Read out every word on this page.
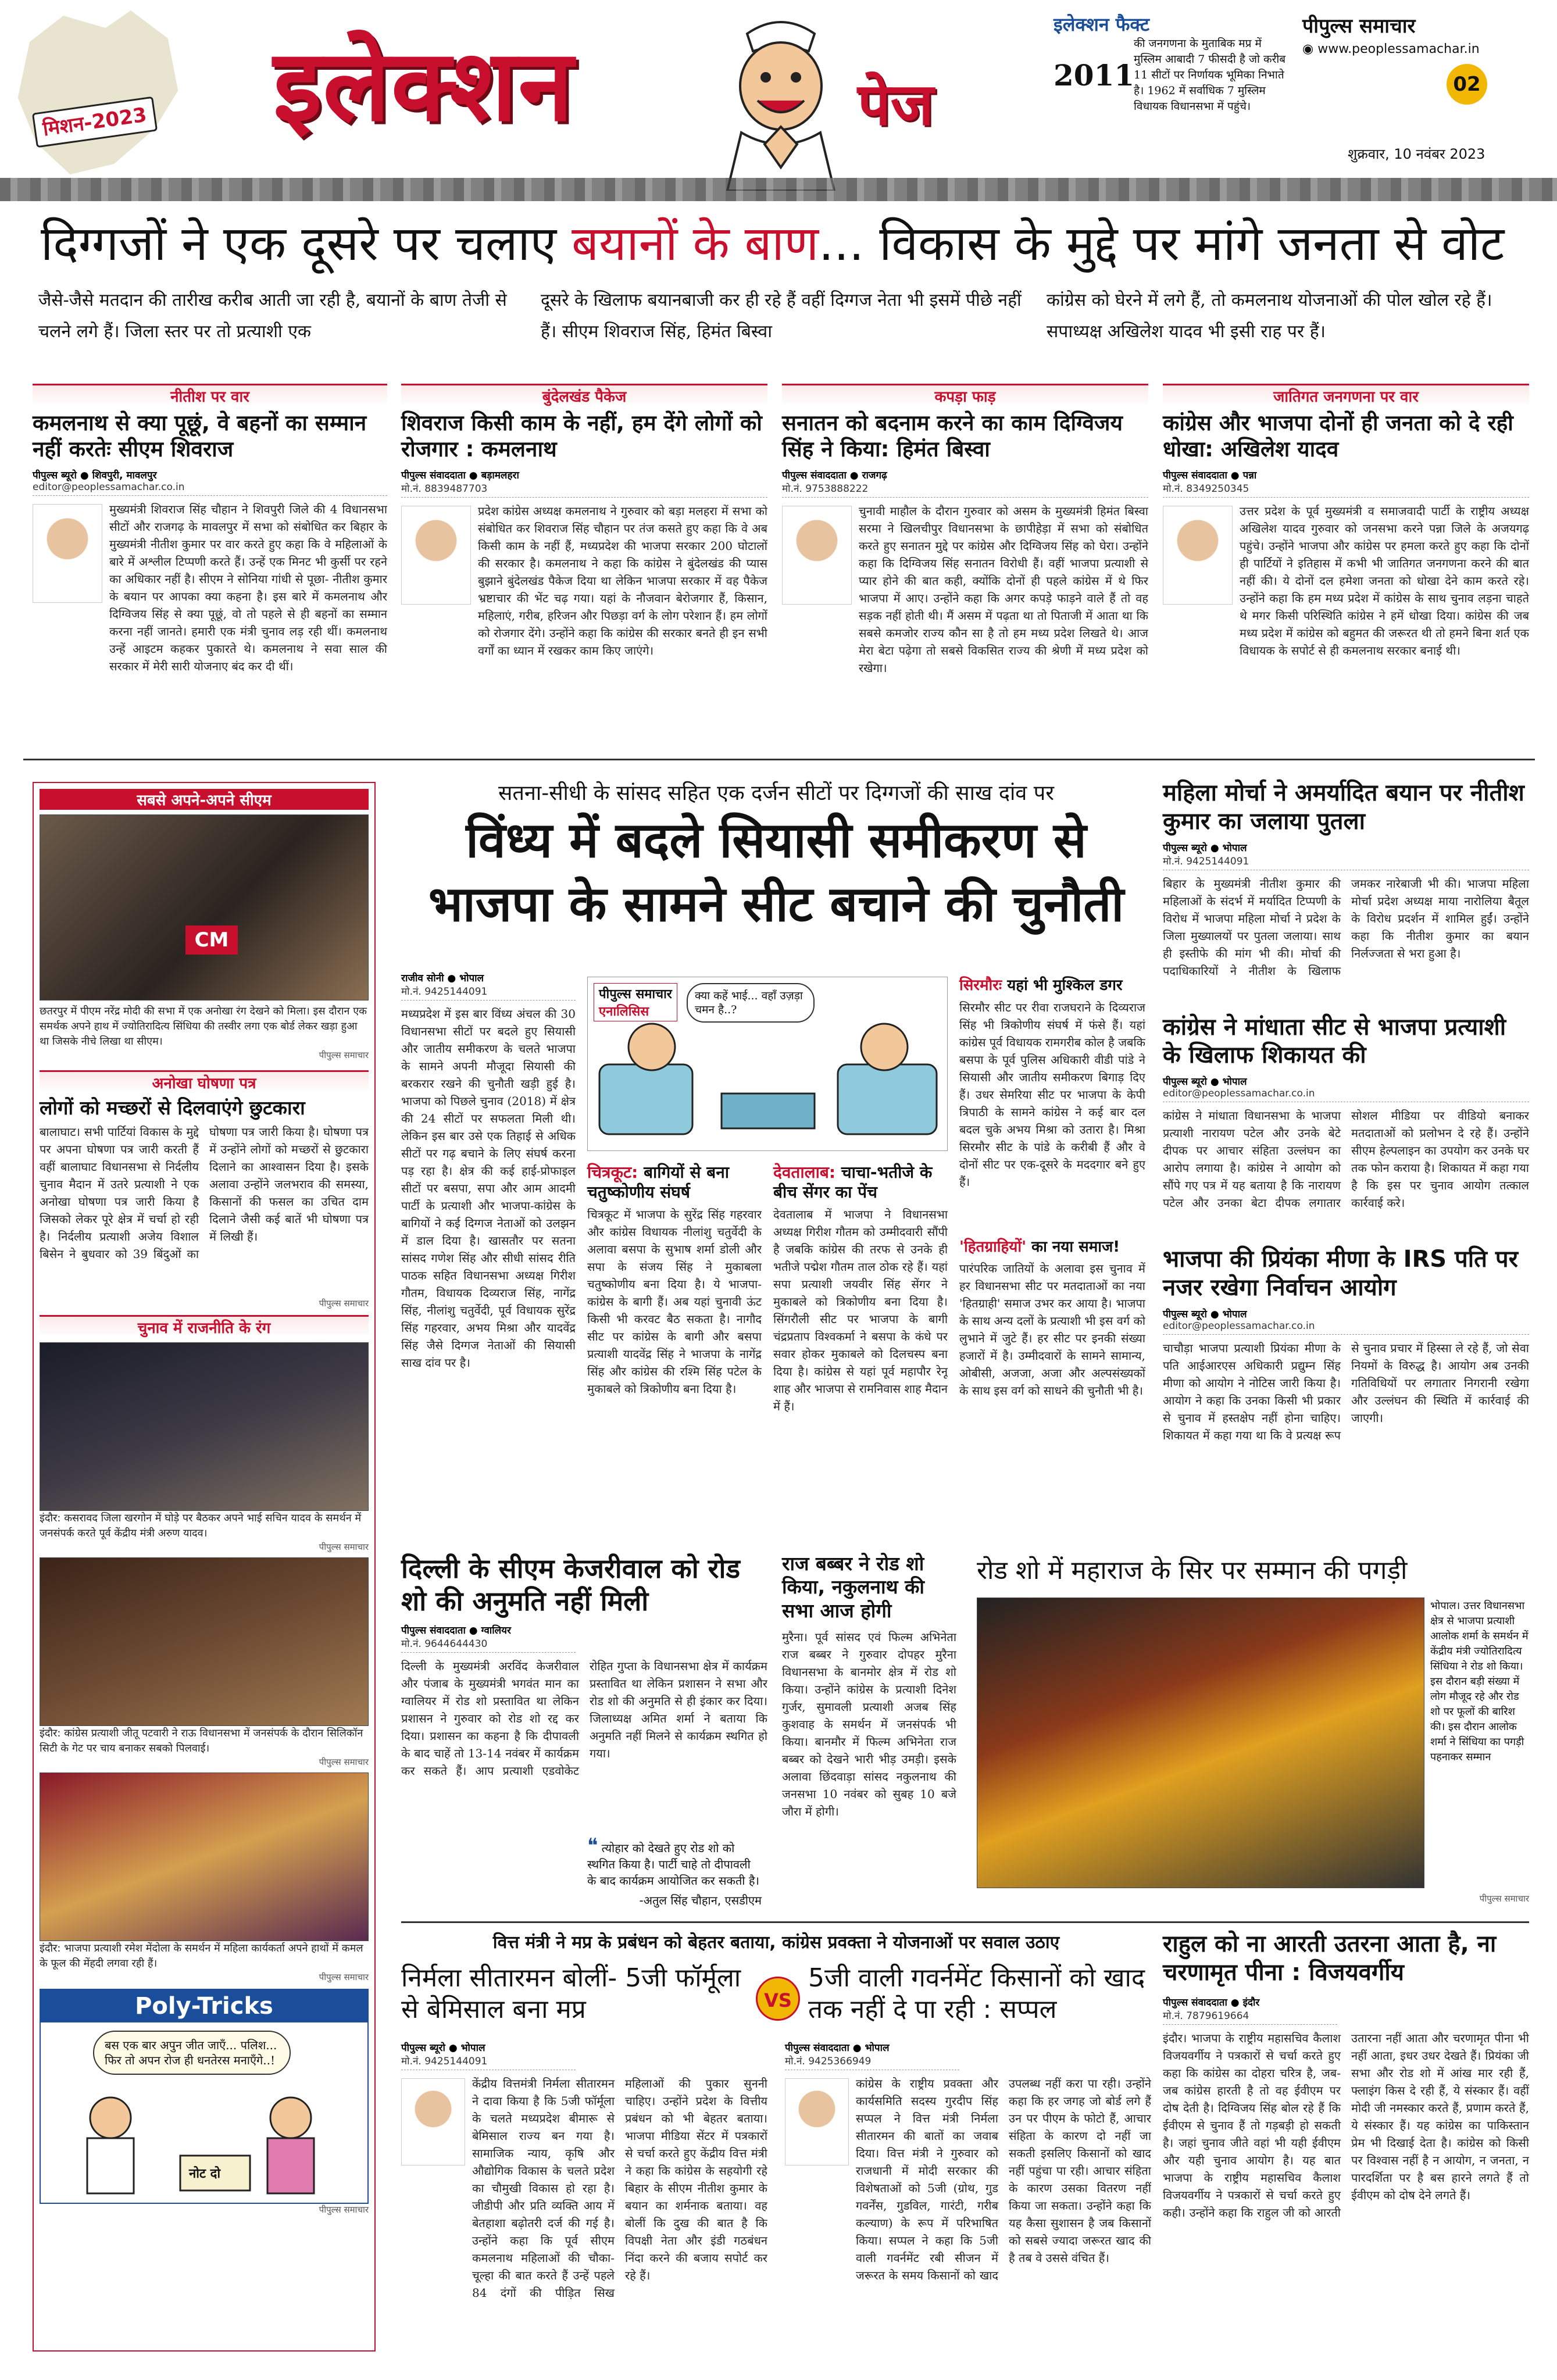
मिशन-2023 इलेक्शन	पेज
इलेक्शन फैक्ट
2011
की जनगणना के मुताबिक मप्र में मुस्लिम आबादी 7 फीसदी है जो करीब 11 सीटों पर निर्णायक भूमिका निभाते है। 1962 में सर्वाधिक 7 मुस्लिम विधायक विधानसभा में पहुंचे।
पीपुल्स समाचार
◉ www.peoplessamachar.in
02
शुक्रवार, 10 नवंबर 2023
दिग्गजों ने एक दूसरे पर चलाए बयानों के बाण... विकास के मुद्दे पर मांगे जनता से वोट
जैसे-जैसे मतदान की तारीख करीब आती जा रही है, बयानों के बाण तेजी से चलने लगे हैं। जिला स्तर पर तो प्रत्याशी एक
दूसरे के खिलाफ बयानबाजी कर ही रहे हैं वहीं दिग्गज नेता भी इसमें पीछे नहीं हैं। सीएम शिवराज सिंह, हिमंत बिस्वा
कांग्रेस को घेरने में लगे हैं, तो कमलनाथ योजनाओं की पोल खोल रहे हैं। सपाध्यक्ष अखिलेश यादव भी इसी राह पर हैं।
नीतीश पर वार
कमलनाथ से क्या पूछूं, वे बहनों का सम्मान नहीं करतेः सीएम शिवराज
पीपुल्स ब्यूरो ● शिवपुरी, मावलपुर
editor@peoplessamachar.co.in
मुख्यमंत्री शिवराज सिंह चौहान ने शिवपुरी जिले की 4 विधानसभा सीटों और राजगढ़ के मावलपुर में सभा को संबोधित कर बिहार के मुख्यमंत्री नीतीश कुमार पर वार करते हुए कहा कि वे महिलाओं के बारे में अश्लील टिप्पणी करते हैं। उन्हें एक मिनट भी कुर्सी पर रहने का अधिकार नहीं है। सीएम ने सोनिया गांधी से पूछा- नीतीश कुमार के बयान पर आपका क्या कहना है। इस बारे में कमलनाथ और दिग्विजय सिंह से क्या पूछूं, वो तो पहले से ही बहनों का सम्मान करना नहीं जानते। हमारी एक मंत्री चुनाव लड़ रही थीं। कमलनाथ उन्हें आइटम कहकर पुकारते थे। कमलनाथ ने सवा साल की सरकार में मेरी सारी योजनाए बंद कर दी थीं।
बुंदेलखंड पैकेज
शिवराज किसी काम के नहीं, हम देंगे लोगों को रोजगार : कमलनाथ
पीपुल्स संवाददाता ● बड़ामलहरा
मो.नं. 8839487703
प्रदेश कांग्रेस अध्यक्ष कमलनाथ ने गुरुवार को बड़ा मलहरा में सभा को संबोधित कर शिवराज सिंह चौहान पर तंज कसते हुए कहा कि वे अब किसी काम के नहीं हैं, मध्यप्रदेश की भाजपा सरकार 200 घोटालों की सरकार है। कमलनाथ ने कहा कि कांग्रेस ने बुंदेलखंड की प्यास बुझाने बुंदेलखंड पैकेज दिया था लेकिन भाजपा सरकार में वह पैकेज भ्रष्टाचार की भेंट चढ़ गया। यहां के नौजवान बेरोजगार हैं, किसान, महिलाएं, गरीब, हरिजन और पिछड़ा वर्ग के लोग परेशान हैं। हम लोगों को रोजगार देंगे। उन्होंने कहा कि कांग्रेस की सरकार बनते ही इन सभी वर्गों का ध्यान में रखकर काम किए जाएंगे।
कपड़ा फाड़
सनातन को बदनाम करने का काम दिग्विजय सिंह ने किया: हिमंत बिस्वा
पीपुल्स संवाददाता ● राजगढ़
मो.नं. 9753888222
चुनावी माहौल के दौरान गुरुवार को असम के मुख्यमंत्री हिमंत बिस्वा सरमा ने खिलचीपुर विधानसभा के छापीहेड़ा में सभा को संबोधित करते हुए सनातन मुद्दे पर कांग्रेस और दिग्विजय सिंह को घेरा। उन्होंने कहा कि दिग्विजय सिंह सनातन विरोधी हैं। वहीं भाजपा प्रत्याशी से प्यार होने की बात कही, क्योंकि दोनों ही पहले कांग्रेस में थे फिर भाजपा में आए। उन्होंने कहा कि अगर कपड़े फाड़ने वाले हैं तो वह सड़क नहीं होती थी। मैं असम में पढ़ता था तो पिताजी में आता था कि सबसे कमजोर राज्य कौन सा है तो हम मध्य प्रदेश लिखते थे। आज मेरा बेटा पढ़ेगा तो सबसे विकसित राज्य की श्रेणी में मध्य प्रदेश को रखेगा।
जातिगत जनगणना पर वार
कांग्रेस और भाजपा दोनों ही जनता को दे रही धोखा: अखिलेश यादव
पीपुल्स संवाददाता ● पन्ना
मो.नं. 8349250345
उत्तर प्रदेश के पूर्व मुख्यमंत्री व समाजवादी पार्टी के राष्ट्रीय अध्यक्ष अखिलेश यादव गुरुवार को जनसभा करने पन्ना जिले के अजयगढ़ पहुंचे। उन्होंने भाजपा और कांग्रेस पर हमला करते हुए कहा कि दोनों ही पार्टियों ने इतिहास में कभी भी जातिगत जनगणना करने की बात नहीं की। ये दोनों दल हमेशा जनता को धोखा देने काम करते रहे। उन्होंने कहा कि हम मध्य प्रदेश में कांग्रेस के साथ चुनाव लड़ना चाहते थे मगर किसी परिस्थिति कांग्रेस ने हमें धोखा दिया। कांग्रेस की जब मध्य प्रदेश में कांग्रेस को बहुमत की जरूरत थी तो हमने बिना शर्त एक विधायक के सपोर्ट से ही कमलनाथ सरकार बनाई थी।
सबसे अपने-अपने सीएम
CM
छतरपुर में पीएम नरेंद्र मोदी की सभा में एक अनोखा रंग देखने को मिला। इस दौरान एक समर्थक अपने हाथ में ज्योतिरादित्य सिंधिया की तस्वीर लगा एक बोर्ड लेकर खड़ा हुआ था जिसके नीचे लिखा था सीएम।
पीपुल्स समाचार
अनोखा घोषणा पत्र
लोगों को मच्छरों से दिलवाएंगे छुटकारा
बालाघाट। सभी पार्टियां विकास के मुद्दे पर अपना घोषणा पत्र जारी करती हैं वहीं बालाघाट विधानसभा से निर्दलीय चुनाव मैदान में उतरे प्रत्याशी ने एक अनोखा घोषणा पत्र जारी किया है जिसको लेकर पूरे क्षेत्र में चर्चा हो रही है। निर्दलीय प्रत्याशी अजेय विशाल बिसेन ने बुधवार को 39 बिंदुओं का घोषणा पत्र जारी किया है। घोषणा पत्र में उन्होंने लोगों को मच्छरों से छुटकारा दिलाने का आश्वासन दिया है। इसके अलावा उन्होंने जलभराव की समस्या, किसानों की फसल का उचित दाम दिलाने जैसी कई बातें भी घोषणा पत्र में लिखी हैं।
पीपुल्स समाचार
चुनाव में राजनीति के रंग
इंदौर: कसरावद जिला खरगोन में घोड़े पर बैठकर अपने भाई सचिन यादव के समर्थन में जनसंपर्क करते पूर्व केंद्रीय मंत्री अरुण यादव।
पीपुल्स समाचार
इंदौर: कांग्रेस प्रत्याशी जीतू पटवारी ने राऊ विधानसभा में जनसंपर्क के दौरान सिलिकॉन सिटी के गेट पर चाय बनाकर सबको पिलवाई।
पीपुल्स समाचार
इंदौर: भाजपा प्रत्याशी रमेश मेंदोला के समर्थन में महिला कार्यकर्ता अपने हाथों में कमल के फूल की मेंहदी लगवा रही हैं।
पीपुल्स समाचार
Poly-Tricks
बस एक बार अपुन जीत जाएँ... पलिश... फिर तो अपन रोज ही धनतेरस मनाएँगे..!
नोट दो
पीपुल्स समाचार
सतना-सीधी के सांसद सहित एक दर्जन सीटों पर दिग्गजों की साख दांव पर
विंध्य में बदले सियासी समीकरण से
भाजपा के सामने सीट बचाने की चुनौती
राजीव सोनी ● भोपाल
मो.नं. 9425144091
मध्यप्रदेश में इस बार विंध्य अंचल की 30 विधानसभा सीटों पर बदले हुए सियासी और जातीय समीकरण के चलते भाजपा के सामने अपनी मौजूदा सियासी की बरकरार रखने की चुनौती खड़ी हुई है। भाजपा को पिछले चुनाव (2018) में क्षेत्र की 24 सीटों पर सफलता मिली थी। लेकिन इस बार उसे एक तिहाई से अधिक सीटों पर गढ़ बचाने के लिए संघर्ष करना पड़ रहा है। क्षेत्र की कई हाई-प्रोफाइल सीटों पर बसपा, सपा और आम आदमी पार्टी के प्रत्याशी और भाजपा-कांग्रेस के बागियों ने कई दिग्गज नेताओं को उलझन में डाल दिया है। खासतौर पर सतना सांसद गणेश सिंह और सीधी सांसद रीति पाठक सहित विधानसभा अध्यक्ष गिरीश गौतम, विधायक दिव्यराज सिंह, नागेंद्र सिंह, नीलांशु चतुर्वेदी, पूर्व विधायक सुरेंद्र सिंह गहरवार, अभय मिश्रा और यादवेंद्र सिंह जैसे दिग्गज नेताओं की सियासी साख दांव पर है।
क्या कहें भाई... वहाँ उज़ड़ा चमन है..?
पीपुल्स समाचार
एनालिसिस
चित्रकूट: बागियों से बना चतुष्कोणीय संघर्ष
चित्रकूट में भाजपा के सुरेंद्र सिंह गहरवार और कांग्रेस विधायक नीलांशु चतुर्वेदी के अलावा बसपा के सुभाष शर्मा डोली और सपा के संजय सिंह ने मुकाबला चतुष्कोणीय बना दिया है। ये भाजपा-कांग्रेस के बागी हैं। अब यहां चुनावी ऊंट किसी भी करवट बैठ सकता है। नागौद सीट पर कांग्रेस के बागी और बसपा प्रत्याशी यादवेंद्र सिंह ने भाजपा के नागेंद्र सिंह और कांग्रेस की रश्मि सिंह पटेल के मुकाबले को त्रिकोणीय बना दिया है।
देवतालाब: चाचा-भतीजे के बीच सेंगर का पेंच
देवतालाब में भाजपा ने विधानसभा अध्यक्ष गिरीश गौतम को उम्मीदवारी सौंपी है जबकि कांग्रेस की तरफ से उनके ही भतीजे पद्मेश गौतम ताल ठोक रहे हैं। यहां सपा प्रत्याशी जयवीर सिंह सेंगर ने मुकाबले को त्रिकोणीय बना दिया है। सिंगरौली सीट पर भाजपा के बागी चंद्रप्रताप विश्वकर्मा ने बसपा के कंधे पर सवार होकर मुकाबले को दिलचस्प बना दिया है। कांग्रेस से यहां पूर्व महापौर रेनू शाह और भाजपा से रामनिवास शाह मैदान में हैं।
सिरमौरः यहां भी मुश्किल डगर
सिरमौर सीट पर रीवा राजघराने के दिव्यराज सिंह भी त्रिकोणीय संघर्ष में फंसे हैं। यहां कांग्रेस पूर्व विधायक रामगरीब कोल है जबकि बसपा के पूर्व पुलिस अधिकारी वीडी पांडे ने सियासी और जातीय समीकरण बिगाड़ दिए हैं। उधर सेमरिया सीट पर भाजपा के केपी त्रिपाठी के सामने कांग्रेस ने कई बार दल बदल चुके अभय मिश्रा को उतारा है। मिश्रा सिरमौर सीट के पांडे के करीबी हैं और वे दोनों सीट पर एक-दूसरे के मददगार बने हुए हैं।
'हितग्राहियों' का नया समाज!
पारंपरिक जातियों के अलावा इस चुनाव में हर विधानसभा सीट पर मतदाताओं का नया 'हितग्राही' समाज उभर कर आया है। भाजपा के साथ अन्य दलों के प्रत्याशी भी इस वर्ग को लुभाने में जुटे हैं। हर सीट पर इनकी संख्या हजारों में है। उम्मीदवारों के सामने सामान्य, ओबीसी, अजजा, अजा और अल्पसंख्यकों के साथ इस वर्ग को साधने की चुनौती भी है।
महिला मोर्चा ने अमर्यादित बयान पर नीतीश कुमार का जलाया पुतला
पीपुल्स ब्यूरो ● भोपाल
मो.नं. 9425144091
बिहार के मुख्यमंत्री नीतीश कुमार की महिलाओं के संदर्भ में मर्यादित टिप्पणी के विरोध में भाजपा महिला मोर्चा ने प्रदेश के जिला मुख्यालयों पर पुतला जलाया। साथ ही इस्तीफे की मांग भी की। मोर्चा की पदाधिकारियों ने नीतीश के खिलाफ जमकर नारेबाजी भी की। भाजपा महिला मोर्चा प्रदेश अध्यक्ष माया नारोलिया बैतूल के विरोध प्रदर्शन में शामिल हुईं। उन्होंने कहा कि नीतीश कुमार का बयान निर्लज्जता से भरा हुआ है।
कांग्रेस ने मांधाता सीट से भाजपा प्रत्याशी के खिलाफ शिकायत की
पीपुल्स ब्यूरो ● भोपाल
editor@peoplessamachar.co.in
कांग्रेस ने मांधाता विधानसभा के भाजपा प्रत्याशी नारायण पटेल और उनके बेटे दीपक पर आचार संहिता उल्लंघन का आरोप लगाया है। कांग्रेस ने आयोग को सौंपे गए पत्र में यह बताया है कि नारायण पटेल और उनका बेटा दीपक लगातार सोशल मीडिया पर वीडियो बनाकर मतदाताओं को प्रलोभन दे रहे हैं। उन्होंने सीएम हेल्पलाइन का उपयोग कर उनके घर तक फोन कराया है। शिकायत में कहा गया है कि इस पर चुनाव आयोग तत्काल कार्रवाई करे।
भाजपा की प्रियंका मीणा के IRS पति पर नजर रखेगा निर्वाचन आयोग
पीपुल्स ब्यूरो ● भोपाल
editor@peoplessamachar.co.in
चाचौड़ा भाजपा प्रत्याशी प्रियंका मीणा के पति आईआरएस अधिकारी प्रद्युम्न सिंह मीणा को आयोग ने नोटिस जारी किया है। आयोग ने कहा कि उनका किसी भी प्रकार से चुनाव में हस्तक्षेप नहीं होना चाहिए। शिकायत में कहा गया था कि वे प्रत्यक्ष रूप से चुनाव प्रचार में हिस्सा ले रहे हैं, जो सेवा नियमों के विरुद्ध है। आयोग अब उनकी गतिविधियों पर लगातार निगरानी रखेगा और उल्लंघन की स्थिति में कार्रवाई की जाएगी।
दिल्ली के सीएम केजरीवाल को रोड शो की अनुमति नहीं मिली
पीपुल्स संवाददाता ● ग्वालियर
मो.नं. 9644644430
दिल्ली के मुख्यमंत्री अरविंद केजरीवाल और पंजाब के मुख्यमंत्री भगवंत मान का ग्वालियर में रोड शो प्रस्तावित था लेकिन प्रशासन ने गुरुवार को रोड शो रद्द कर दिया। प्रशासन का कहना है कि दीपावली के बाद चाहें तो 13-14 नवंबर में कार्यक्रम कर सकते हैं। आप प्रत्याशी एडवोकेट रोहित गुप्ता के विधानसभा क्षेत्र में कार्यक्रम प्रस्तावित था लेकिन प्रशासन ने सभा और रोड शो की अनुमति से ही इंकार कर दिया। जिलाध्यक्ष अमित शर्मा ने बताया कि अनुमति नहीं मिलने से कार्यक्रम स्थगित हो गया।
❝ त्योहार को देखते हुए रोड शो को स्थगित किया है। पार्टी चाहे तो दीपावली के बाद कार्यक्रम आयोजित कर सकती है।
-अतुल सिंह चौहान, एसडीएम
राज बब्बर ने रोड शो किया, नकुलनाथ की सभा आज होगी
मुरैना। पूर्व सांसद एवं फिल्म अभिनेता राज बब्बर ने गुरुवार दोपहर मुरैना विधानसभा के बानमोर क्षेत्र में रोड शो किया। उन्होंने कांग्रेस के प्रत्याशी दिनेश गुर्जर, सुमावली प्रत्याशी अजब सिंह कुशवाह के समर्थन में जनसंपर्क भी किया। बानमौर में फिल्म अभिनेता राज बब्बर को देखने भारी भीड़ उमड़ी। इसके अलावा छिंदवाड़ा सांसद नकुलनाथ की जनसभा 10 नवंबर को सुबह 10 बजे जौरा में होगी।
रोड शो में महाराज के सिर पर सम्मान की पगड़ी
भोपाल। उत्तर विधानसभा क्षेत्र से भाजपा प्रत्याशी आलोक शर्मा के समर्थन में केंद्रीय मंत्री ज्योतिरादित्य सिंधिया ने रोड शो किया। इस दौरान बड़ी संख्या में लोग मौजूद रहे और रोड शो पर फूलों की बारिश की। इस दौरान आलोक शर्मा ने सिंधिया का पगड़ी पहनाकर सम्मान
पीपुल्स समाचार
वित्त मंत्री ने मप्र के प्रबंधन को बेहतर बताया, कांग्रेस प्रवक्ता ने योजनाओं पर सवाल उठाए
निर्मला सीतारमन बोलीं- 5जी फॉर्मूला से बेमिसाल बना मप्र	VS
5जी वाली गवर्नमेंट किसानों को खाद तक नहीं दे पा रही : सप्पल
पीपुल्स ब्यूरो ● भोपाल
मो.नं. 9425144091
केंद्रीय वित्तमंत्री निर्मला सीतारमन ने दावा किया है कि 5जी फॉर्मूला के चलते मध्यप्रदेश बीमारू से बेमिसाल राज्य बन गया है। सामाजिक न्याय, कृषि और औद्योगिक विकास के चलते प्रदेश का चौमुखी विकास हो रहा है। जीडीपी और प्रति व्यक्ति आय में बेतहाशा बढ़ोतरी दर्ज की गई है। उन्होंने कहा कि पूर्व सीएम कमलनाथ महिलाओं की चौका-चूल्हा की बात करते हैं उन्हें पहले 84 दंगों की पीड़ित सिख महिलाओं की पुकार सुननी चाहिए। उन्होंने प्रदेश के वित्तीय प्रबंधन को भी बेहतर बताया। भाजपा मीडिया सेंटर में पत्रकारों से चर्चा करते हुए केंद्रीय वित्त मंत्री ने कहा कि कांग्रेस के सहयोगी रहे बिहार के सीएम नीतीश कुमार के बयान का शर्मनाक बताया। वह बोलीं कि दुख की बात है कि विपक्षी नेता और इंडी गठबंधन निंदा करने की बजाय सपोर्ट कर रहे हैं।
पीपुल्स संवाददाता ● भोपाल
मो.नं. 9425366949
कांग्रेस के राष्ट्रीय प्रवक्ता और कार्यसमिति सदस्य गुरदीप सिंह सप्पल ने वित्त मंत्री निर्मला सीतारमन की बातों का जवाब दिया। वित्त मंत्री ने गुरुवार को राजधानी में मोदी सरकार की विशेषताओं को 5जी (ग्रोथ, गुड गवर्नेंस, गुडविल, गारंटी, गरीब कल्याण) के रूप में परिभाषित किया। सप्पल ने कहा कि 5जी वाली गवर्नमेंट रबी सीजन में जरूरत के समय किसानों को खाद उपलब्ध नहीं करा पा रही। उन्होंने कहा कि हर जगह जो बोर्ड लगे हैं उन पर पीएम के फोटो हैं, आचार संहिता के कारण दो नहीं जा सकती इसलिए किसानों को खाद नहीं पहुंचा पा रही। आचार संहिता के कारण उसका वितरण नहीं किया जा सकता। उन्होंने कहा कि यह कैसा सुशासन है जब किसानों को सबसे ज्यादा जरूरत खाद की है तब वे उससे वंचित हैं।
राहुल को ना आरती उतरना आता है, ना चरणामृत पीना : विजयवर्गीय
पीपुल्स संवाददाता ● इंदौर
मो.नं. 7879619664
इंदौर। भाजपा के राष्ट्रीय महासचिव कैलाश विजयवर्गीय ने पत्रकारों से चर्चा करते हुए कहा कि कांग्रेस का दोहरा चरित्र है, जब-जब कांग्रेस हारती है तो वह ईवीएम पर दोष देती है। दिग्विजय सिंह बोल रहे हैं कि ईवीएम से चुनाव हैं तो गड़बड़ी हो सकती है। जहां चुनाव जीते वहां भी यही ईवीएम और यही चुनाव आयोग है। यह बात भाजपा के राष्ट्रीय महासचिव कैलाश विजयवर्गीय ने पत्रकारों से चर्चा करते हुए कही। उन्होंने कहा कि राहुल जी को आरती उतारना नहीं आता और चरणामृत पीना भी नहीं आता, इधर उधर देखते हैं। प्रियंका जी सभा और रोड शो में आंख मार रही हैं, फ्लाइंग किस दे रही हैं, ये संस्कार हैं। वहीं मोदी जी नमस्कार करते हैं, प्रणाम करते हैं, ये संस्कार हैं। यह कांग्रेस का पाकिस्तान प्रेम भी दिखाई देता है। कांग्रेस को किसी पर विश्वास नहीं है न आयोग, न जनता, न पारदर्शिता पर है बस हारने लगते हैं तो ईवीएम को दोष देने लगते हैं।
